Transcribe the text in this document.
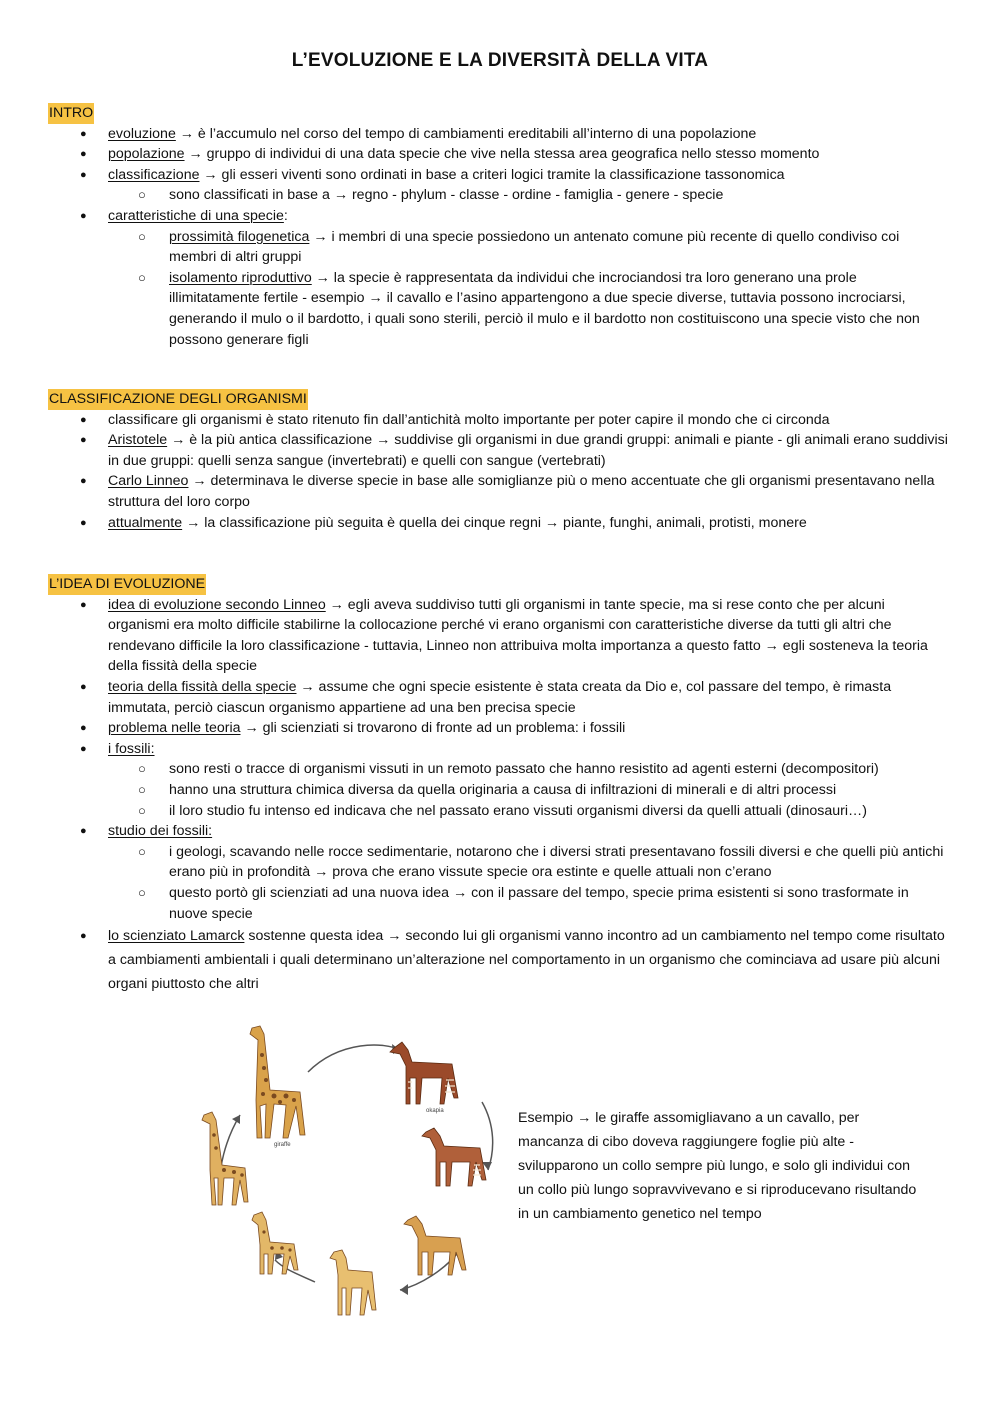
L’EVOLUZIONE E LA DIVERSITÀ DELLA VITA
INTRO
● evoluzione → è l’accumulo nel corso del tempo di cambiamenti ereditabili all’interno di una popolazione
● popolazione → gruppo di individui di una data specie che vive nella stessa area geografica nello stesso momento
● classificazione → gli esseri viventi sono ordinati in base a criteri logici tramite la classificazione tassonomica
○ sono classificati in base a → regno - phylum - classe - ordine - famiglia - genere - specie
● caratteristiche di una specie:
○ prossimità filogenetica → i membri di una specie possiedono un antenato comune più recente di quello condiviso coi membri di altri gruppi
○ isolamento riproduttivo → la specie è rappresentata da individui che incrociandosi tra loro generano una prole illimitatamente fertile - esempio → il cavallo e l’asino appartengono a due specie diverse, tuttavia possono incrociarsi, generando il mulo o il bardotto, i quali sono sterili, perciò il mulo e il bardotto non costituiscono una specie visto che non possono generare figli
CLASSIFICAZIONE DEGLI ORGANISMI
● classificare gli organismi è stato ritenuto fin dall’antichità molto importante per poter capire il mondo che ci circonda
● Aristotele → è la più antica classificazione → suddivise gli organismi in due grandi gruppi: animali e piante - gli animali erano suddivisi in due gruppi: quelli senza sangue (invertebrati) e quelli con sangue (vertebrati)
● Carlo Linneo → determinava le diverse specie in base alle somiglianze più o meno accentuate che gli organismi presentavano nella struttura del loro corpo
● attualmente → la classificazione più seguita è quella dei cinque regni → piante, funghi, animali, protisti, monere
L’IDEA DI EVOLUZIONE
● idea di evoluzione secondo Linneo → egli aveva suddiviso tutti gli organismi in tante specie, ma si rese conto che per alcuni organismi era molto difficile stabilirne la collocazione perché vi erano organismi con caratteristiche diverse da tutti gli altri che rendevano difficile la loro classificazione - tuttavia, Linneo non attribuiva molta importanza a questo fatto → egli sosteneva la teoria della fissità della specie
● teoria della fissità della specie → assume che ogni specie esistente è stata creata da Dio e, col passare del tempo, è rimasta immutata, perciò ciascun organismo appartiene ad una ben precisa specie
● problema nelle teoria → gli scienziati si trovarono di fronte ad un problema: i fossili
● i fossili:
○ sono resti o tracce di organismi vissuti in un remoto passato che hanno resistito ad agenti esterni (decompositori)
○ hanno una struttura chimica diversa da quella originaria a causa di infiltrazioni di minerali e di altri processi
○ il loro studio fu intenso ed indicava che nel passato erano vissuti organismi diversi da quelli attuali (dinosauri…)
● studio dei fossili:
○ i geologi, scavando nelle rocce sedimentarie, notarono che i diversi strati presentavano fossili diversi e che quelli più antichi erano più in profondità → prova che erano vissute specie ora estinte e quelle attuali non c’erano
○ questo portò gli scienziati ad una nuova idea → con il passare del tempo, specie prima esistenti si sono trasformate in nuove specie
● lo scienziato Lamarck sostenne questa idea → secondo lui gli organismi vanno incontro ad un cambiamento nel tempo come risultato a cambiamenti ambientali i quali determinano un’alterazione nel comportamento in un organismo che cominciava ad usare più alcuni organi piuttosto che altri
giraffe
okapia	Esempio → le giraffe assomigliavano a un cavallo, per mancanza di cibo doveva raggiungere foglie più alte - svilupparono un collo sempre più lungo, e solo gli individui con un collo più lungo sopravvivevano e si riproducevano risultando in un cambiamento genetico nel tempo
